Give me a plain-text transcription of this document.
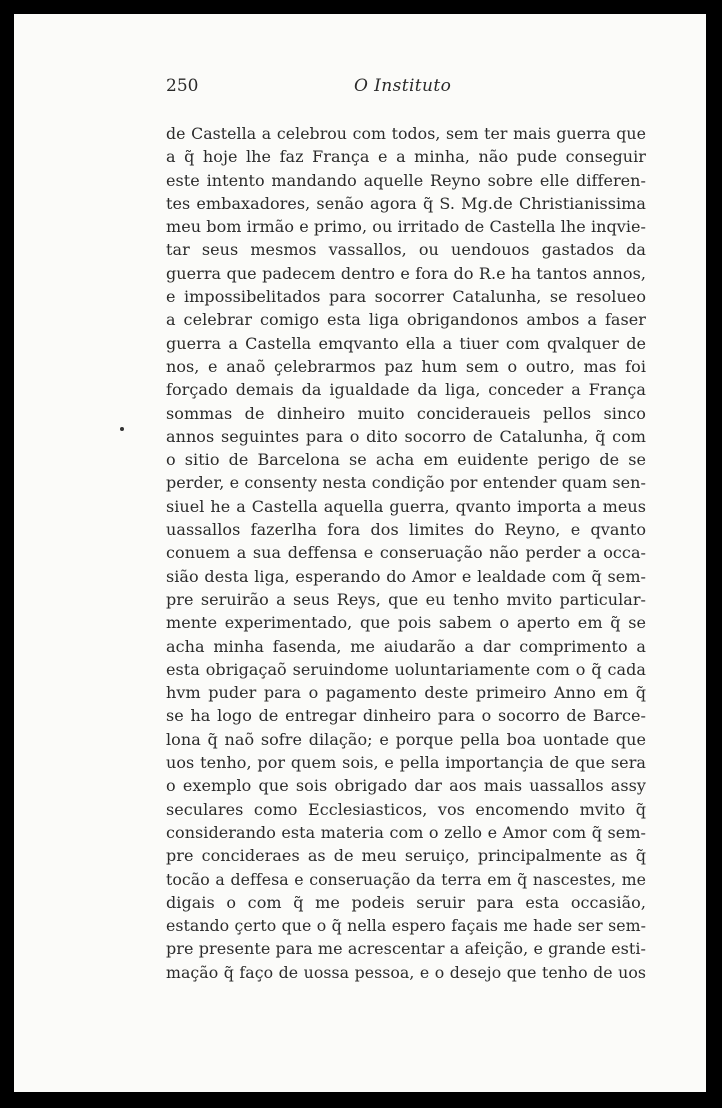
250	O Instituto
de Castella a celebrou com todos, sem ter mais guerra que
a q̃ hoje lhe faz França e a minha, não pude conseguir
este intento mandando aquelle Reyno sobre elle differen-
tes embaxadores, senão agora q̃ S. Mg.de Christianissima
meu bom irmão e primo, ou irritado de Castella lhe inqvie-
tar seus mesmos vassallos, ou uendouos gastados da
guerra que padecem dentro e fora do R.e ha tantos annos,
e impossibelitados para socorrer Catalunha, se resolueo
a celebrar comigo esta liga obrigandonos ambos a faser
guerra a Castella emqvanto ella a tiuer com qvalquer de
nos, e anaõ çelebrarmos paz hum sem o outro, mas foi
forçado demais da igualdade da liga, conceder a França
sommas de dinheiro muito concideraueis pellos sinco
annos seguintes para o dito socorro de Catalunha, q̃ com
o sitio de Barcelona se acha em euidente perigo de se
perder, e consenty nesta condição por entender quam sen-
siuel he a Castella aquella guerra, qvanto importa a meus
uassallos fazerlha fora dos limites do Reyno, e qvanto
conuem a sua deffensa e conseruação não perder a occa-
sião desta liga, esperando do Amor e lealdade com q̃ sem-
pre seruirão a seus Reys, que eu tenho mvito particular-
mente experimentado, que pois sabem o aperto em q̃ se
acha minha fasenda, me aiudarão a dar comprimento a
esta obrigaçaõ seruindome uoluntariamente com o q̃ cada
hvm puder para o pagamento deste primeiro Anno em q̃
se ha logo de entregar dinheiro para o socorro de Barce-
lona q̃ naõ sofre dilação; e porque pella boa uontade que
uos tenho, por quem sois, e pella importançia de que sera
o exemplo que sois obrigado dar aos mais uassallos assy
seculares como Ecclesiasticos, vos encomendo mvito q̃
considerando esta materia com o zello e Amor com q̃ sem-
pre conciderаes as de meu seruiço, principalmente as q̃
tocão a deffesa e conseruação da terra em q̃ nascestes, me
digais o com q̃ me podeis seruir para esta occasião,
estando çerto que o q̃ nella espero façais me hade ser sem-
pre presente para me acrescentar a afeição, e grande esti-
mação q̃ faço de uossa pessoa, e o desejo que tenho de uos
